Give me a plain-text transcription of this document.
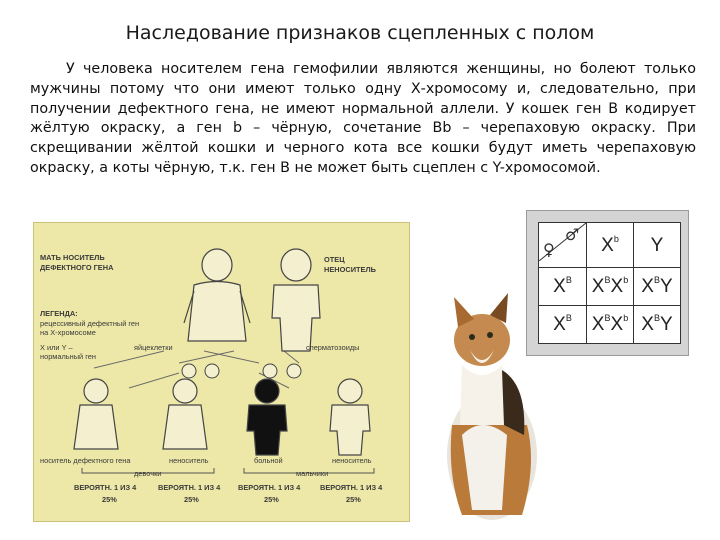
Наследование признаков сцепленных с полом

У человека носителем гена гемофилии являются женщины, но болеют только мужчины потому что они имеют только одну Х-хромосому и, следовательно, при получении дефектного гена, не имеют нормальной аллели. У кошек ген В кодирует жёлтую окраску, а ген b – чёрную, сочетание Bb – черепаховую окраску. При скрещивании жёлтой кошки и черного кота все кошки будут иметь черепаховую окраску, а коты чёрную, т.к. ген B не может быть сцеплен с Y-хромосомой.

МАТЬ НОСИТЕЛЬ
ДЕФЕКТНОГО ГЕНА
ОТЕЦ
НЕНОСИТЕЛЬ
ЛЕГЕНДА:
рецессивный дефектный ген
на Х-хромосоме
Х или Y –
нормальный ген
яйцеклетки	сперматозоиды
носитель дефектного гена	неноситель	больной	неноситель
девочки	мальчики
ВЕРОЯТН. 1 ИЗ 4	ВЕРОЯТН. 1 ИЗ 4 ВЕРОЯТН. 1 ИЗ 4	ВЕРОЯТН. 1 ИЗ 4
25%	25%	25%	25%
♀
♂	$X^b$	Y
$X^B$	$X^BX^b$	$X^BY$
$X^B$	$X^BX^b$	$X^BY$
